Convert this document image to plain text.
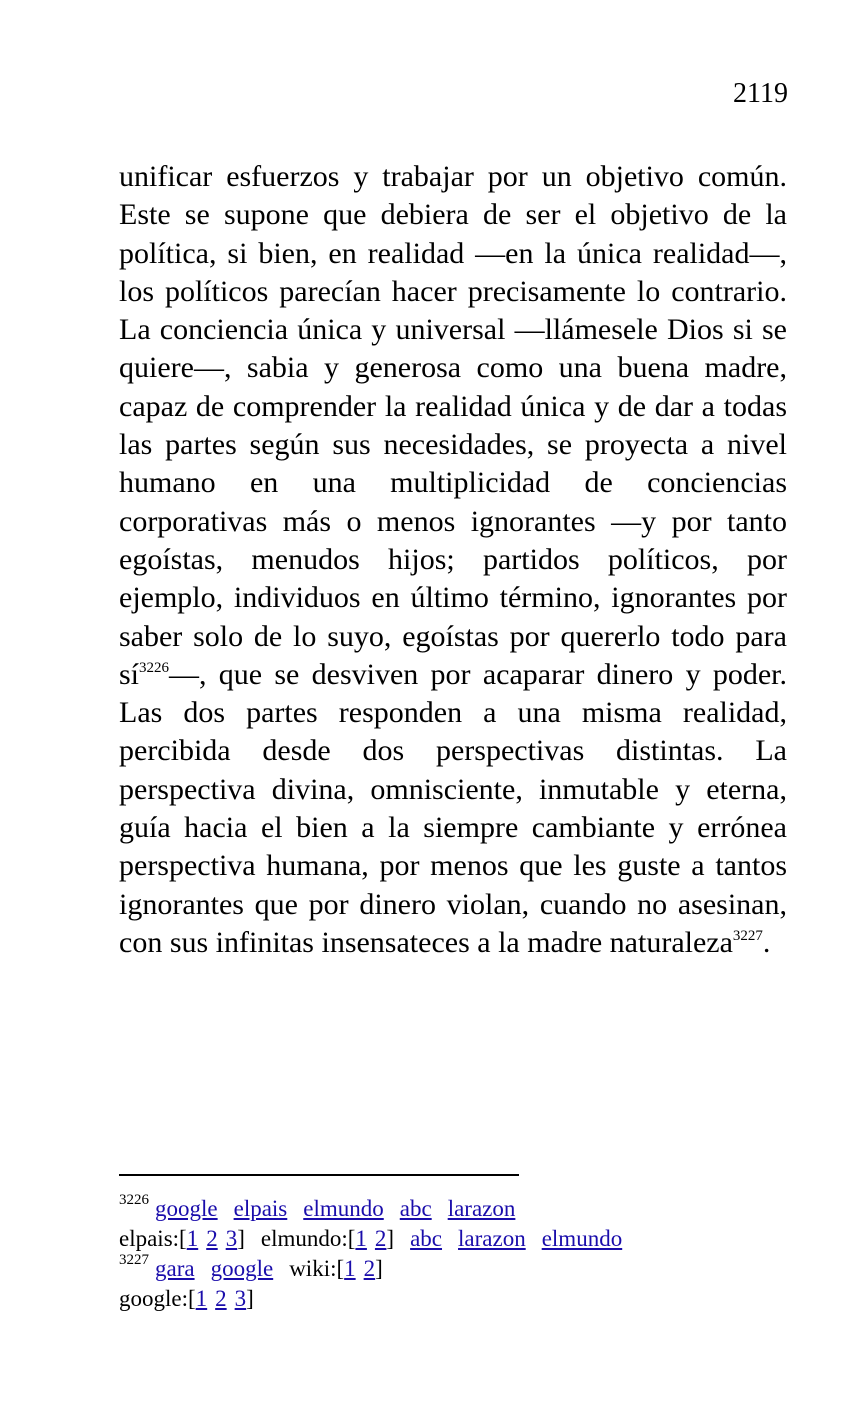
2119

unificar esfuerzos y trabajar por un objetivo común. Este se supone que debiera de ser el objetivo de la política, si bien, en realidad —en la única realidad—, los políticos parecían hacer precisamente lo contrario. La conciencia única y universal —llámesele Dios si se quiere—, sabia y generosa como una buena madre, capaz de comprender la realidad única y de dar a todas las partes según sus necesidades, se proyecta a nivel humano en una multiplicidad de conciencias corporativas más o menos ignorantes —y por tanto egoístas, menudos hijos; partidos políticos, por ejemplo, individuos en último término, ignorantes por saber solo de lo suyo, egoístas por quererlo todo para sí$^{3226}$—, que se desviven por acaparar dinero y poder. Las dos partes responden a una misma realidad, percibida desde dos perspectivas distintas. La perspectiva divina, omnisciente, inmutable y eterna, guía hacia el bien a la siempre cambiante y errónea perspectiva humana, por menos que les guste a tantos ignorantes que por dinero violan, cuando no asesinan, con sus infinitas insensateces a la madre naturaleza$^{3227}$.

$^{3226}$ google elpais elmundo abc larazon
elpais:[1 2 3] elmundo:[1 2] abc larazon elmundo
$^{3227}$ gara google wiki:[1 2]
google:[1 2 3]
